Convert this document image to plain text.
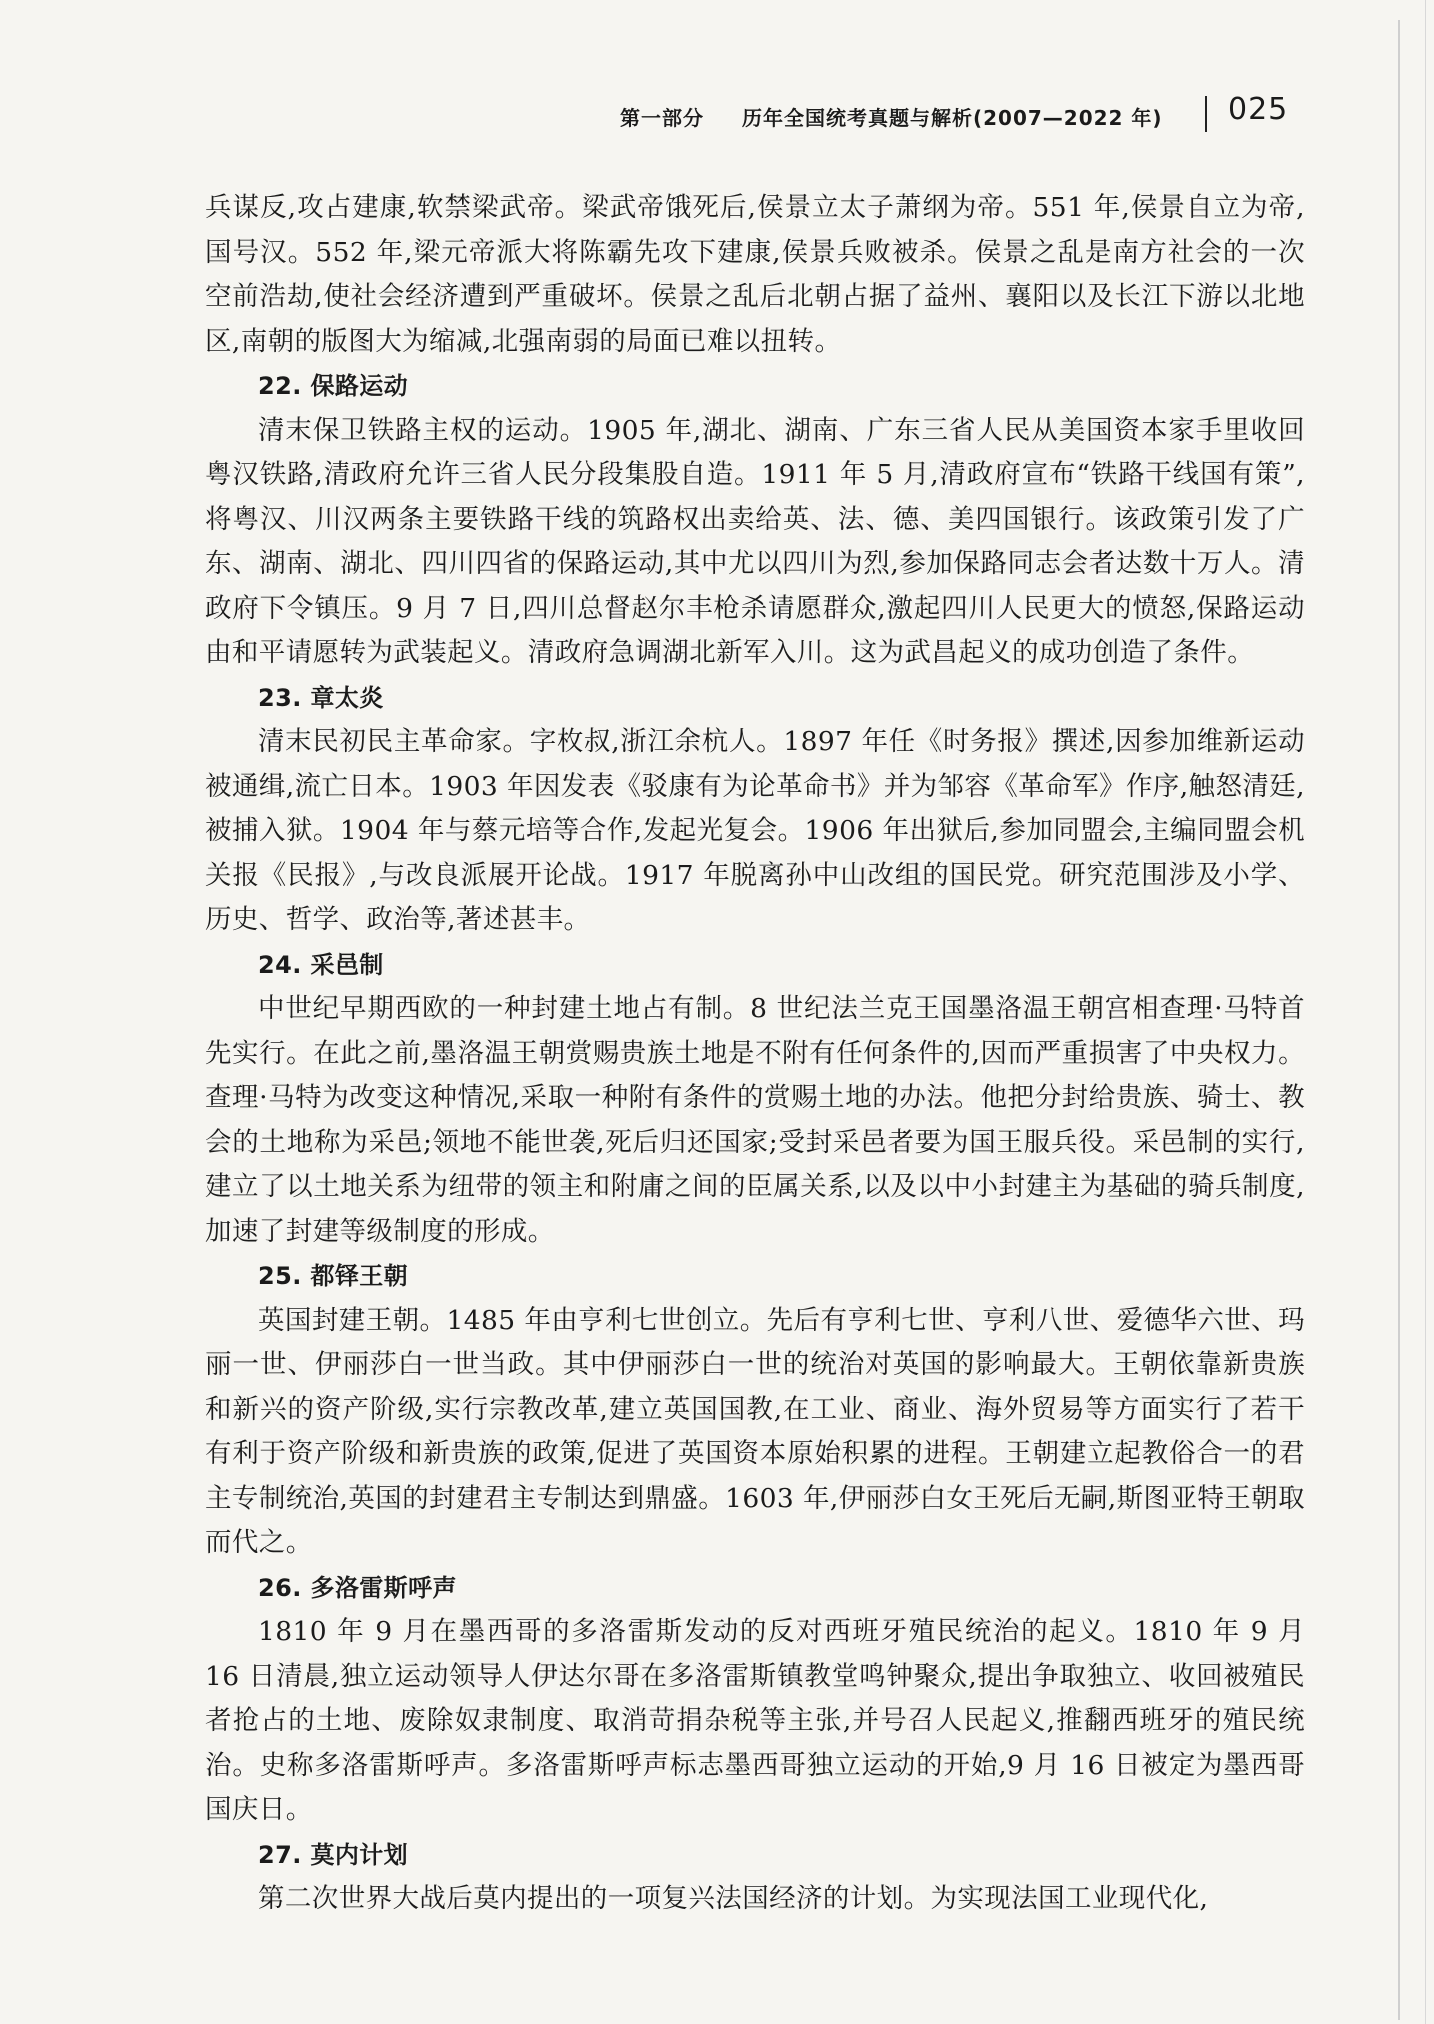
第一部分 历年全国统考真题与解析(2007—2022 年) 025

兵谋反,攻占建康,软禁梁武帝。梁武帝饿死后,侯景立太子萧纲为帝。551 年,侯景自立为帝,国号汉。552 年,梁元帝派大将陈霸先攻下建康,侯景兵败被杀。侯景之乱是南方社会的一次空前浩劫,使社会经济遭到严重破坏。侯景之乱后北朝占据了益州、襄阳以及长江下游以北地区,南朝的版图大为缩减,北强南弱的局面已难以扭转。

22. 保路运动

清末保卫铁路主权的运动。1905 年,湖北、湖南、广东三省人民从美国资本家手里收回粤汉铁路,清政府允许三省人民分段集股自造。1911 年 5 月,清政府宣布“铁路干线国有策”,将粤汉、川汉两条主要铁路干线的筑路权出卖给英、法、德、美四国银行。该政策引发了广东、湖南、湖北、四川四省的保路运动,其中尤以四川为烈,参加保路同志会者达数十万人。清政府下令镇压。9 月 7 日,四川总督赵尔丰枪杀请愿群众,激起四川人民更大的愤怒,保路运动由和平请愿转为武装起义。清政府急调湖北新军入川。这为武昌起义的成功创造了条件。

23. 章太炎

清末民初民主革命家。字枚叔,浙江余杭人。1897 年任《时务报》撰述,因参加维新运动被通缉,流亡日本。1903 年因发表《驳康有为论革命书》并为邹容《革命军》作序,触怒清廷,被捕入狱。1904 年与蔡元培等合作,发起光复会。1906 年出狱后,参加同盟会,主编同盟会机关报《民报》,与改良派展开论战。1917 年脱离孙中山改组的国民党。研究范围涉及小学、历史、哲学、政治等,著述甚丰。

24. 采邑制

中世纪早期西欧的一种封建土地占有制。8 世纪法兰克王国墨洛温王朝宫相查理·马特首先实行。在此之前,墨洛温王朝赏赐贵族土地是不附有任何条件的,因而严重损害了中央权力。查理·马特为改变这种情况,采取一种附有条件的赏赐土地的办法。他把分封给贵族、骑士、教会的土地称为采邑;领地不能世袭,死后归还国家;受封采邑者要为国王服兵役。采邑制的实行,建立了以土地关系为纽带的领主和附庸之间的臣属关系,以及以中小封建主为基础的骑兵制度,加速了封建等级制度的形成。

25. 都铎王朝

英国封建王朝。1485 年由亨利七世创立。先后有亨利七世、亨利八世、爱德华六世、玛丽一世、伊丽莎白一世当政。其中伊丽莎白一世的统治对英国的影响最大。王朝依靠新贵族和新兴的资产阶级,实行宗教改革,建立英国国教,在工业、商业、海外贸易等方面实行了若干有利于资产阶级和新贵族的政策,促进了英国资本原始积累的进程。王朝建立起教俗合一的君主专制统治,英国的封建君主专制达到鼎盛。1603 年,伊丽莎白女王死后无嗣,斯图亚特王朝取而代之。

26. 多洛雷斯呼声

1810 年 9 月在墨西哥的多洛雷斯发动的反对西班牙殖民统治的起义。1810 年 9 月 16 日清晨,独立运动领导人伊达尔哥在多洛雷斯镇教堂鸣钟聚众,提出争取独立、收回被殖民者抢占的土地、废除奴隶制度、取消苛捐杂税等主张,并号召人民起义,推翻西班牙的殖民统治。史称多洛雷斯呼声。多洛雷斯呼声标志墨西哥独立运动的开始,9 月 16 日被定为墨西哥国庆日。

27. 莫内计划

第二次世界大战后莫内提出的一项复兴法国经济的计划。为实现法国工业现代化,
